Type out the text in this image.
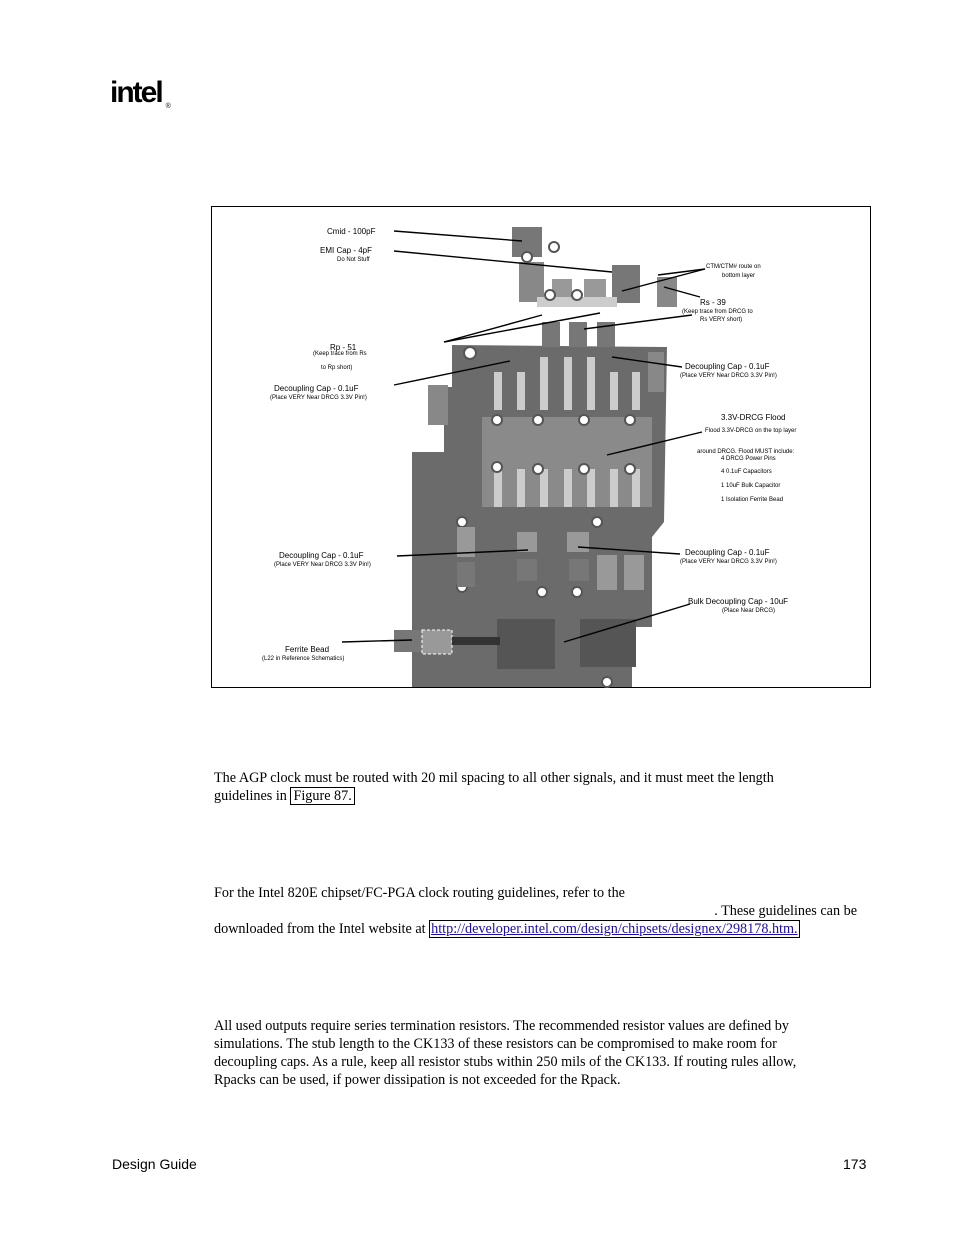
intel ®
Cmid - 100pF
EMI Cap - 4pF
Do Not Stuff
CTM/CTM# route on
bottom layer
Rs - 39
(Keep trace from DRCG to
Rs VERY short)
Rp - 51
(Keep trace from Rs
to Rp short)
Decoupling Cap - 0.1uF
(Place VERY Near DRCG 3.3V Pin!)
Decoupling Cap - 0.1uF
(Place VERY Near DRCG 3.3V Pin!)
3.3V-DRCG Flood
Flood 3.3V-DRCG on the top layer
around DRCG. Flood MUST include:
4 DRCG Power Pins
4 0.1uF Capacitors
1 10uF Bulk Capacitor
1 Isolation Ferrite Bead
Decoupling Cap - 0.1uF
(Place VERY Near DRCG 3.3V Pin!)
Decoupling Cap - 0.1uF
(Place VERY Near DRCG 3.3V Pin!)
Bulk Decoupling Cap - 10uF
(Place Near DRCG)
Ferrite Bead
(L22 in Reference Schematics)
The AGP clock must be routed with 20 mil spacing to all other signals, and it must meet the length
guidelines in Figure 87.
For the Intel 820E chipset/FC-PGA clock routing guidelines, refer to the
. These guidelines can be
downloaded from the Intel website at http://developer.intel.com/design/chipsets/designex/298178.htm.
All used outputs require series termination resistors. The recommended resistor values are defined by
simulations. The stub length to the CK133 of these resistors can be compromised to make room for
decoupling caps. As a rule, keep all resistor stubs within 250 mils of the CK133. If routing rules allow,
Rpacks can be used, if power dissipation is not exceeded for the Rpack.
Design Guide	173
